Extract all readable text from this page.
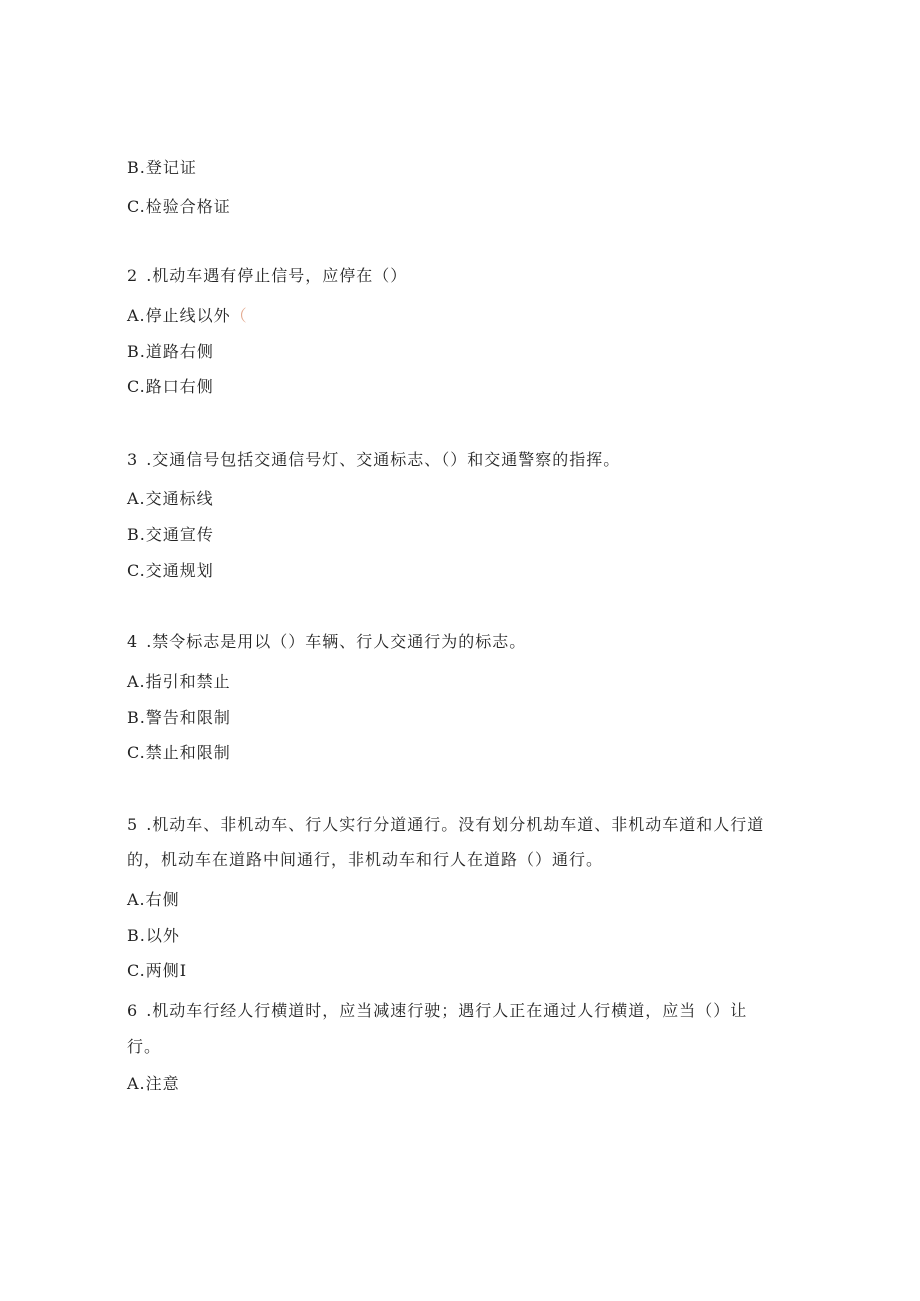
B.登记证
C.检验合格证
2 .机动车遇有停止信号，应停在（）
A.停止线以外（
B.道路右侧
C.路口右侧
3 .交通信号包括交通信号灯、交通标志、（）和交通警察的指挥。
A.交通标线
B.交通宣传
C.交通规划
4 .禁令标志是用以（）车辆、行人交通行为的标志。
A.指引和禁止
B.警告和限制
C.禁止和限制
5 .机动车、非机动车、行人实行分道通行。没有划分机劫车道、非机动车道和人行道
的，机动车在道路中间通行，非机动车和行人在道路（）通行。
A.右侧
B.以外
C.两侧Ⅰ
6 .机动车行经人行横道时，应当减速行驶；遇行人正在通过人行横道，应当（）让
行。
A.注意
